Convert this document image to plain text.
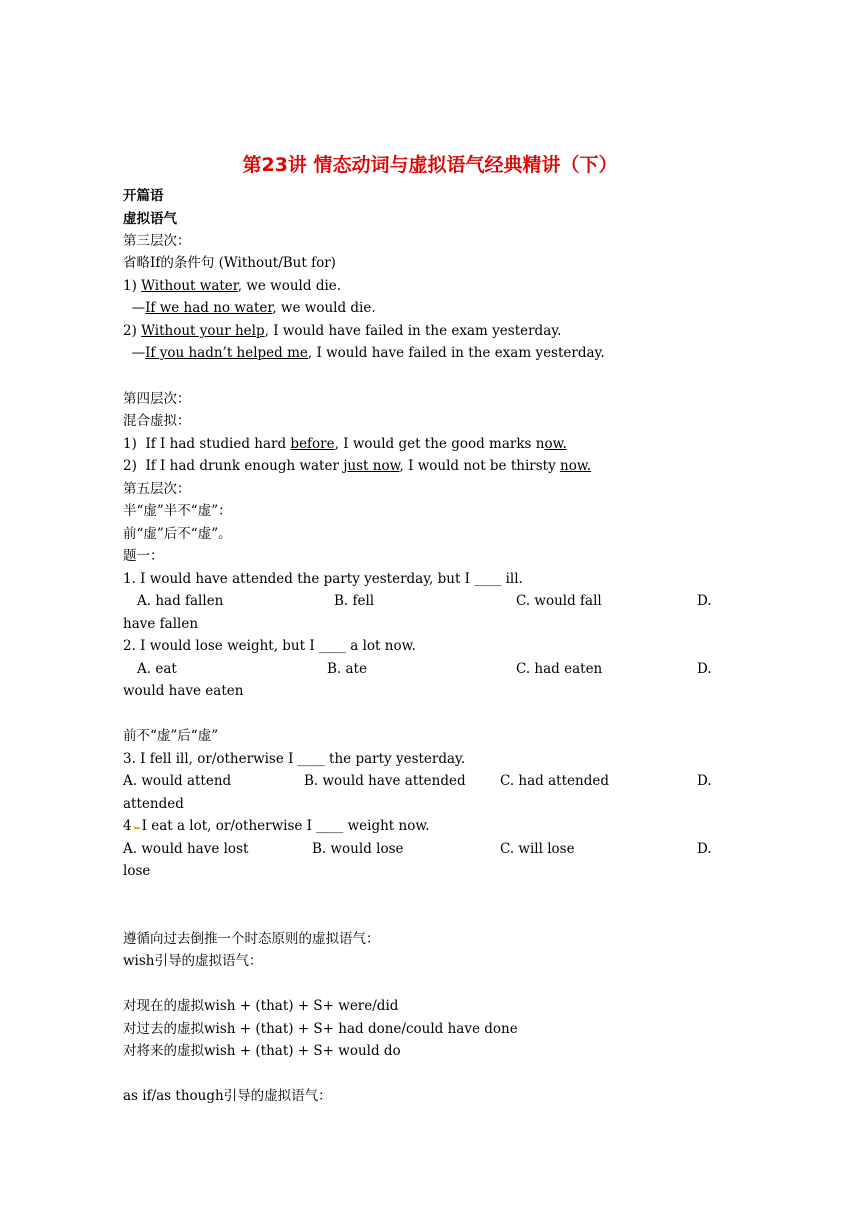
第23讲 情态动词与虚拟语气经典精讲（下）
开篇语
虚拟语气
第三层次：
省略If的条件句 (Without/But for)
1) Without water, we would die.
—If we had no water, we would die.
2) Without your help, I would have failed in the exam yesterday.
—If you hadn’t helped me, I would have failed in the exam yesterday.
第四层次：
混合虚拟：
1)  If I had studied hard before, I would get the good marks now.
2)  If I had drunk enough water just now, I would not be thirsty now.
第五层次：
半“虚”半不“虚”：
前“虚”后不“虚”。
题一：
1. I would have attended the party yesterday, but I ____ ill.
A. had fallen	B. fell	C. would fall	D.
have fallen
2. I would lose weight, but I ____ a lot now.
A. eat	B. ate	C. had eaten	D.
would have eaten
前不“虚”后“虚”
3. I fell ill, or/otherwise I ____ the party yesterday.
A. would attend	B. would have attended	C. had attended	D.
attended
4 I eat a lot, or/otherwise I ____ weight now.
A. would have lost	B. would lose	C. will lose	D.
lose
遵循向过去倒推一个时态原则的虚拟语气：
wish引导的虚拟语气：
对现在的虚拟wish + (that) + S+ were/did
对过去的虚拟wish + (that) + S+ had done/could have done
对将来的虚拟wish + (that) + S+ would do
as if/as though引导的虚拟语气：
